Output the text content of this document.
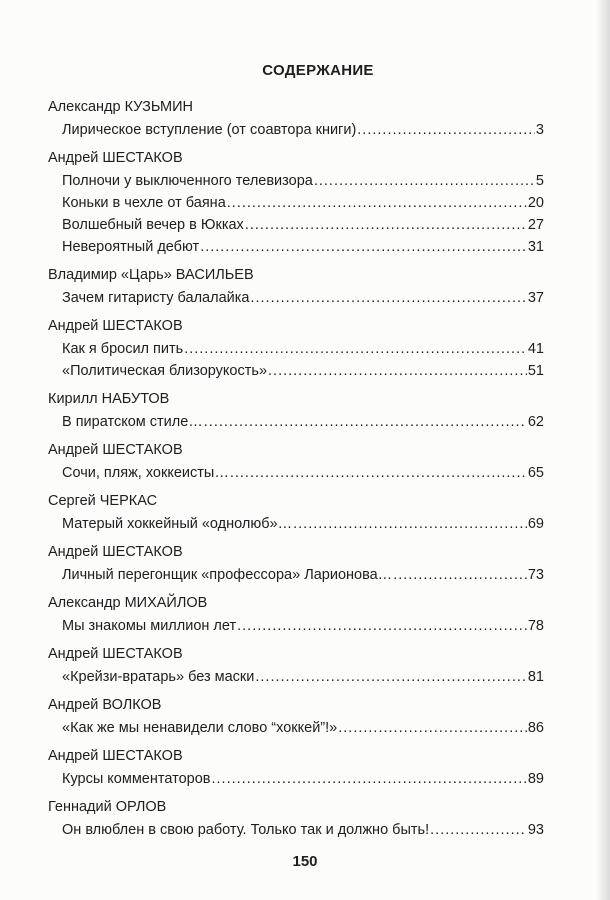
СОДЕРЖАНИЕ
Александр КУЗЬМИН
Лирическое вступление (от соавтора книги) .....	3
Андрей ШЕСТАКОВ
Полночи у выключенного телевизора .....	5
Коньки в чехле от баяна .....	20
Волшебный вечер в Юкках .....	27
Невероятный дебют .....	31
Владимир «Царь» ВАСИЛЬЕВ
Зачем гитаристу балалайка .....	37
Андрей ШЕСТАКОВ
Как я бросил пить .....	41
«Политическая близорукость» .....	51
Кирилл НАБУТОВ
В пиратском стиле… .....	62
Андрей ШЕСТАКОВ
Сочи, пляж, хоккеисты… .....	65
Сергей ЧЕРКАС
Матерый хоккейный «однолюб»… .....	69
Андрей ШЕСТАКОВ
Личный перегонщик «профессора» Ларионова… .....	73
Александр МИХАЙЛОВ
Мы знакомы миллион лет .....	78
Андрей ШЕСТАКОВ
«Крейзи-вратарь» без маски .....	81
Андрей ВОЛКОВ
«Как же мы ненавидели слово “хоккей”!» .....	86
Андрей ШЕСТАКОВ
Курсы комментаторов .....	89
Геннадий ОРЛОВ
Он влюблен в свою работу. Только так и должно быть! .....	93
150
